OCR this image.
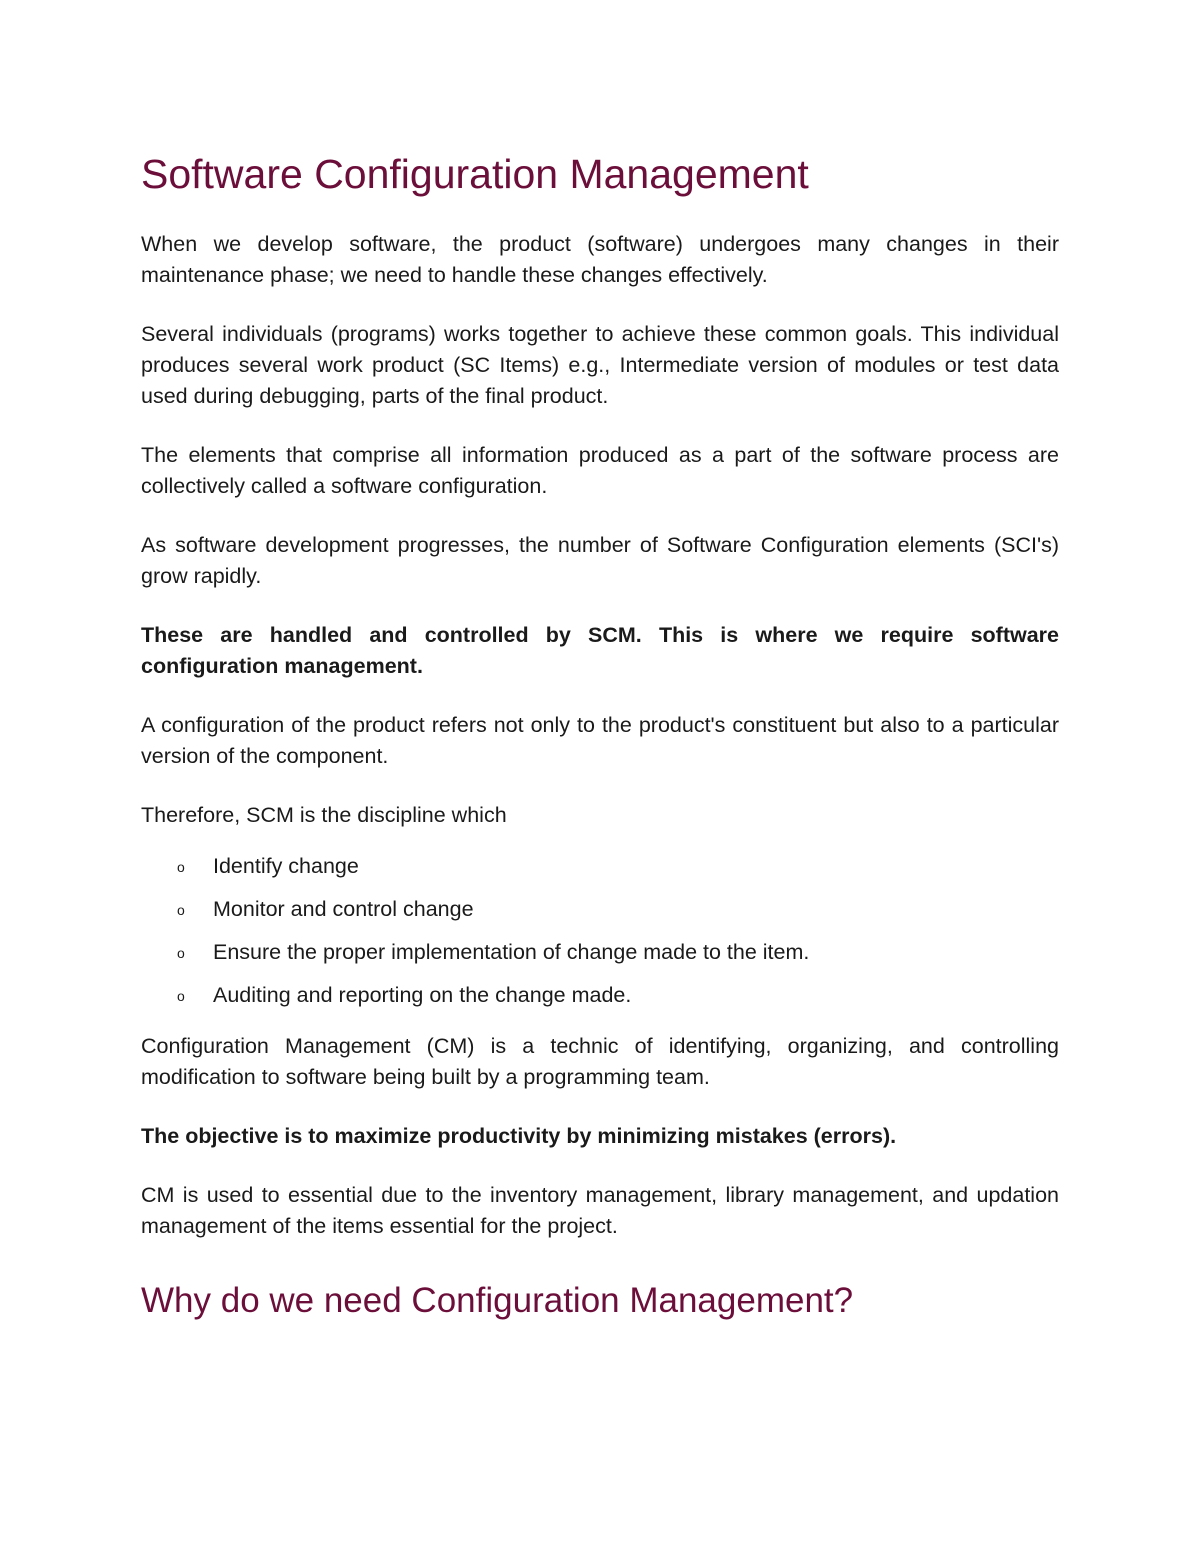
Software Configuration Management

When we develop software, the product (software) undergoes many changes in their maintenance phase; we need to handle these changes effectively.

Several individuals (programs) works together to achieve these common goals. This individual produces several work product (SC Items) e.g., Intermediate version of modules or test data used during debugging, parts of the final product.

The elements that comprise all information produced as a part of the software process are collectively called a software configuration.

As software development progresses, the number of Software Configuration elements (SCI's) grow rapidly.

These are handled and controlled by SCM. This is where we require software configuration management.

A configuration of the product refers not only to the product's constituent but also to a particular version of the component.

Therefore, SCM is the discipline which

o Identify change
o Monitor and control change
o Ensure the proper implementation of change made to the item.
o Auditing and reporting on the change made.

Configuration Management (CM) is a technic of identifying, organizing, and controlling modification to software being built by a programming team.

The objective is to maximize productivity by minimizing mistakes (errors).

CM is used to essential due to the inventory management, library management, and updation management of the items essential for the project.

Why do we need Configuration Management?
